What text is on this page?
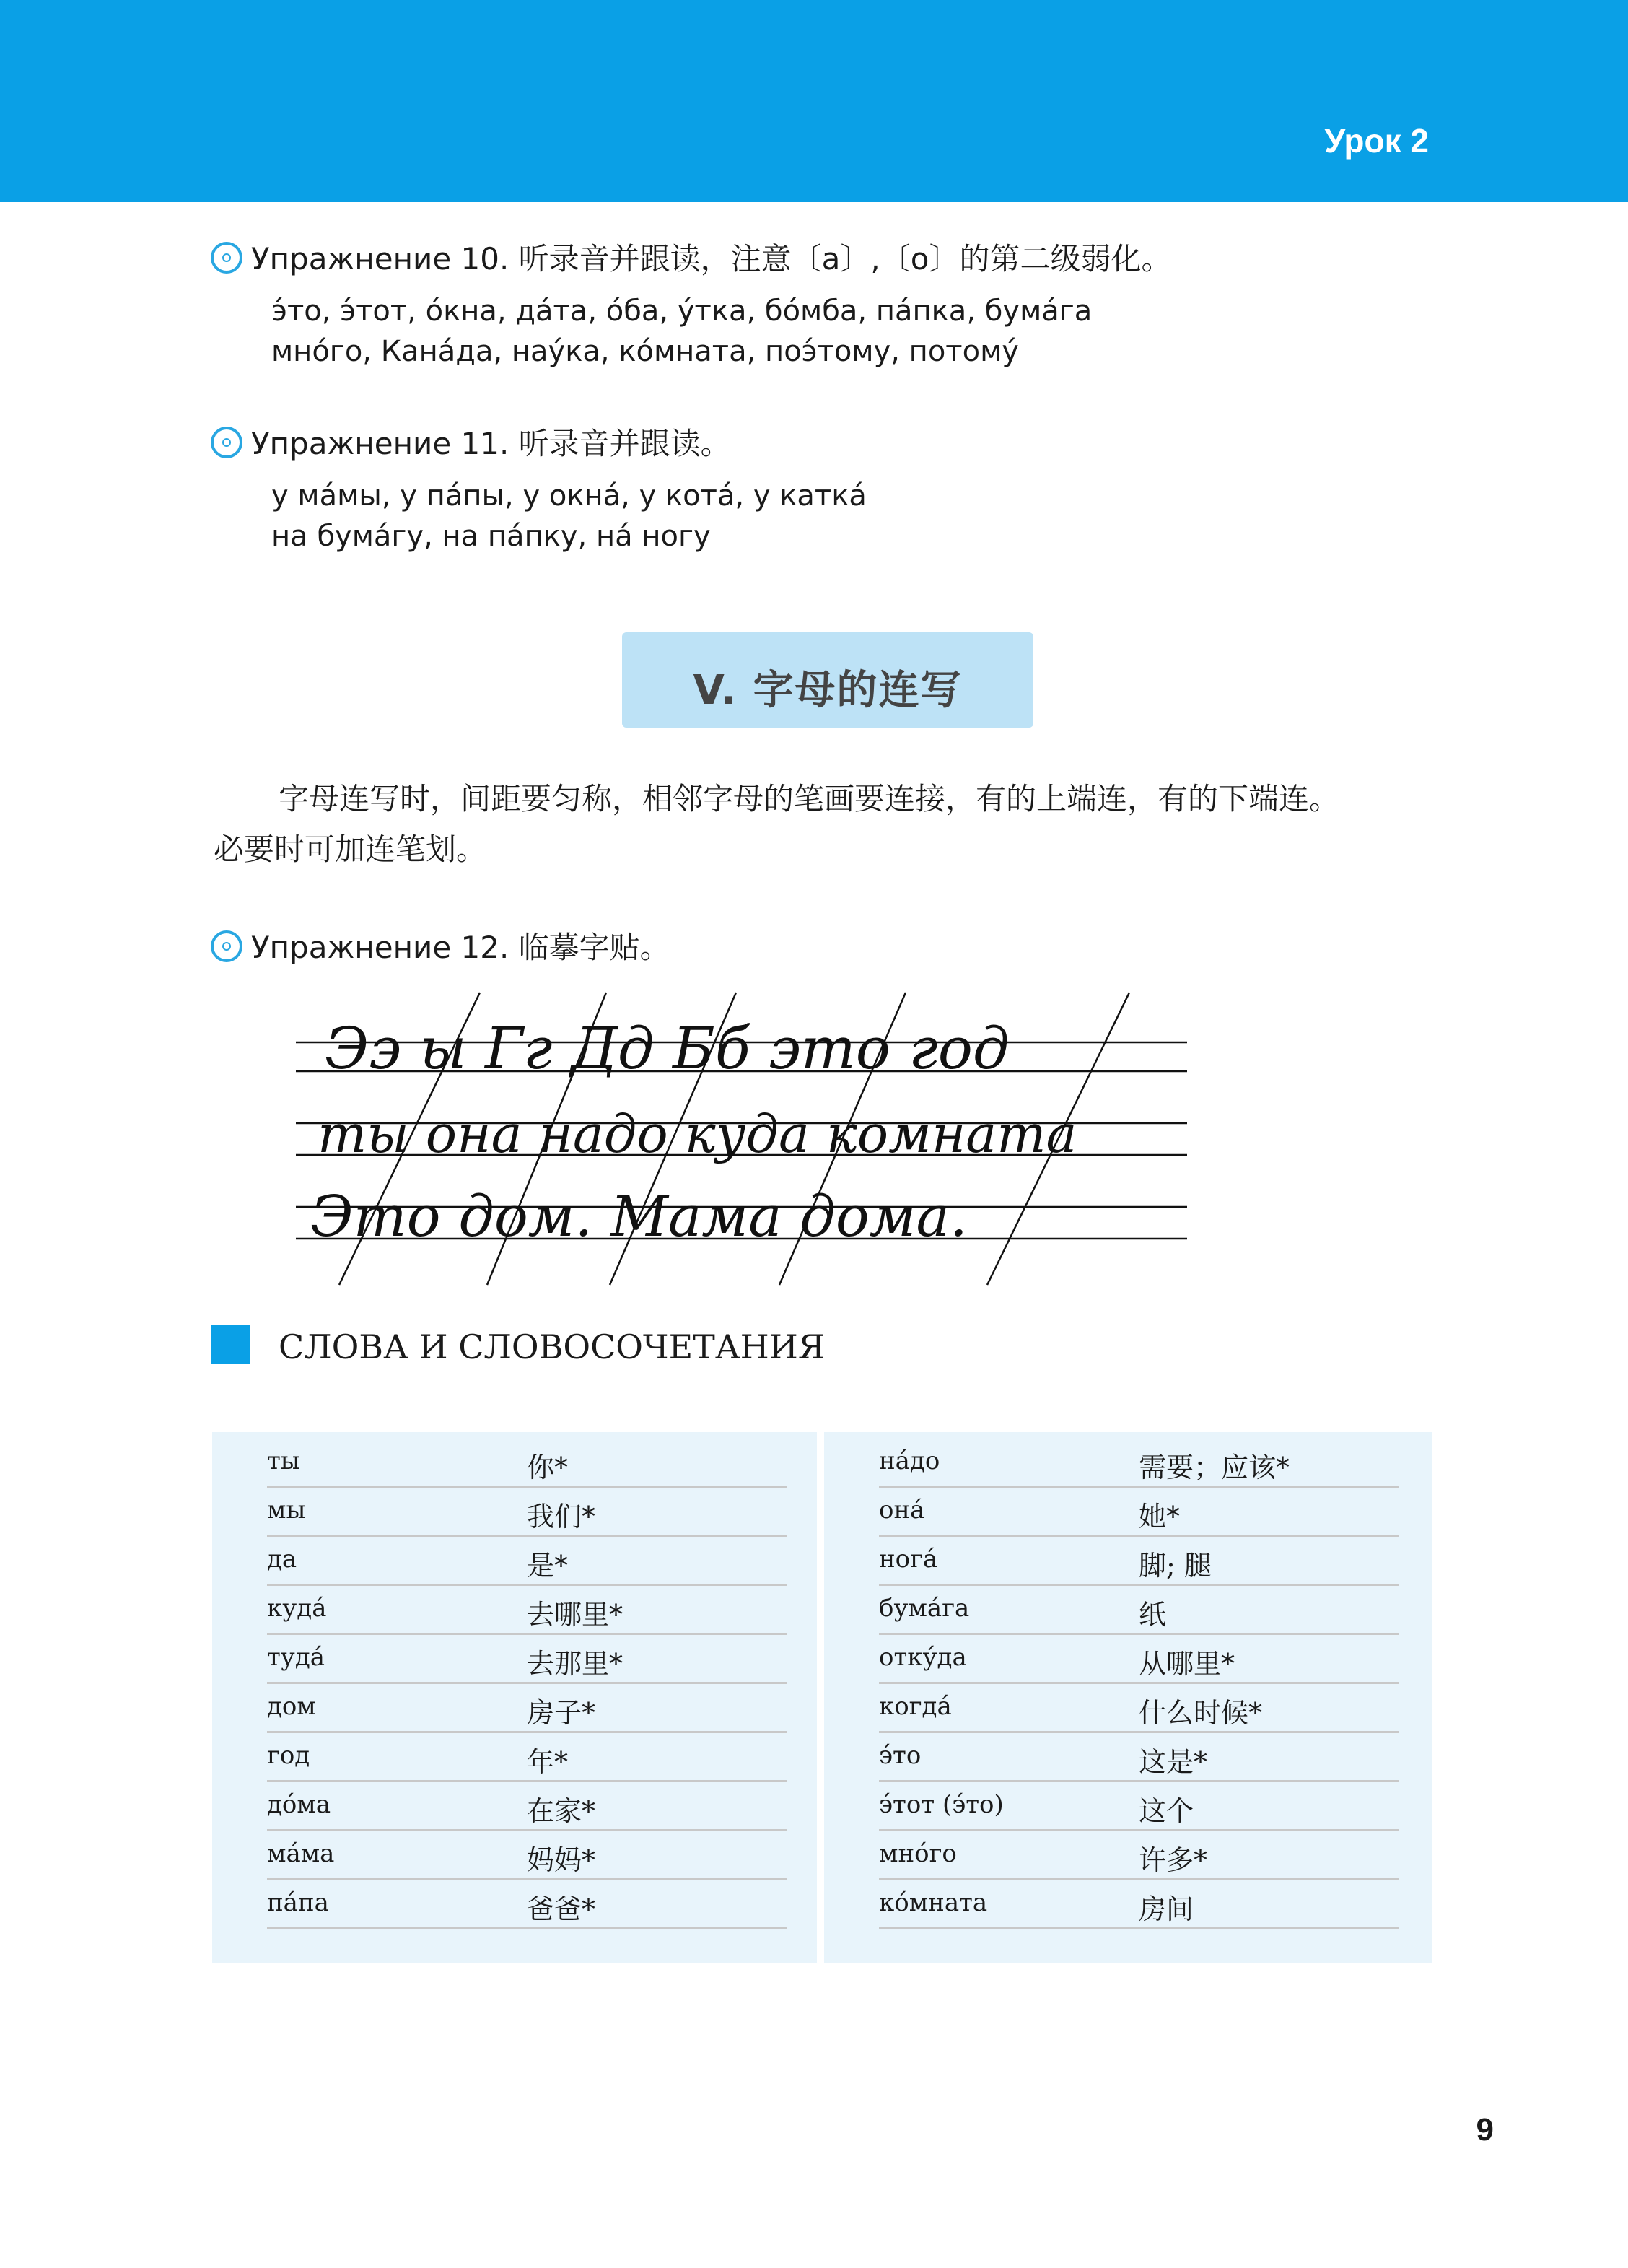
Урок 2
Упражнение 10. 听录音并跟读，注意〔a〕,〔o〕的第二级弱化。
э́то, э́тот, о́кна, да́та, о́ба, у́тка, бо́мба, па́пка, бума́га
мно́го, Кана́да, нау́ка, ко́мната, поэ́тому, потому́
Упражнение 11. 听录音并跟读。
у ма́мы, у па́пы, у окна́, у кота́, у катка́
на бума́гу, на па́пку, на́ ногу
V. 字母的连写
字母连写时，间距要匀称，相邻字母的笔画要连接，有的上端连，有的下端连。
必要时可加连笔划。
Упражнение 12. 临摹字贴。
Ээ ы Гг Дд Бб это год
ты она надо куда комната
Это дом. Мама дома.
СЛОВА И СЛОВОСОЧЕТАНИЯ
ты	你*
мы	我们*
да	是*
куда́	去哪里*
туда́	去那里*
дом	房子*
год	年*
до́ма	在家*
ма́ма	妈妈*
па́па	爸爸*
на́до	需要；应该*
она́	她*
нога́	脚; 腿
бума́га	纸
отку́да	从哪里*
когда́	什么时候*
э́то	这是*
э́тот (э́то)	这个
мно́го	许多*
ко́мната	房间
9
